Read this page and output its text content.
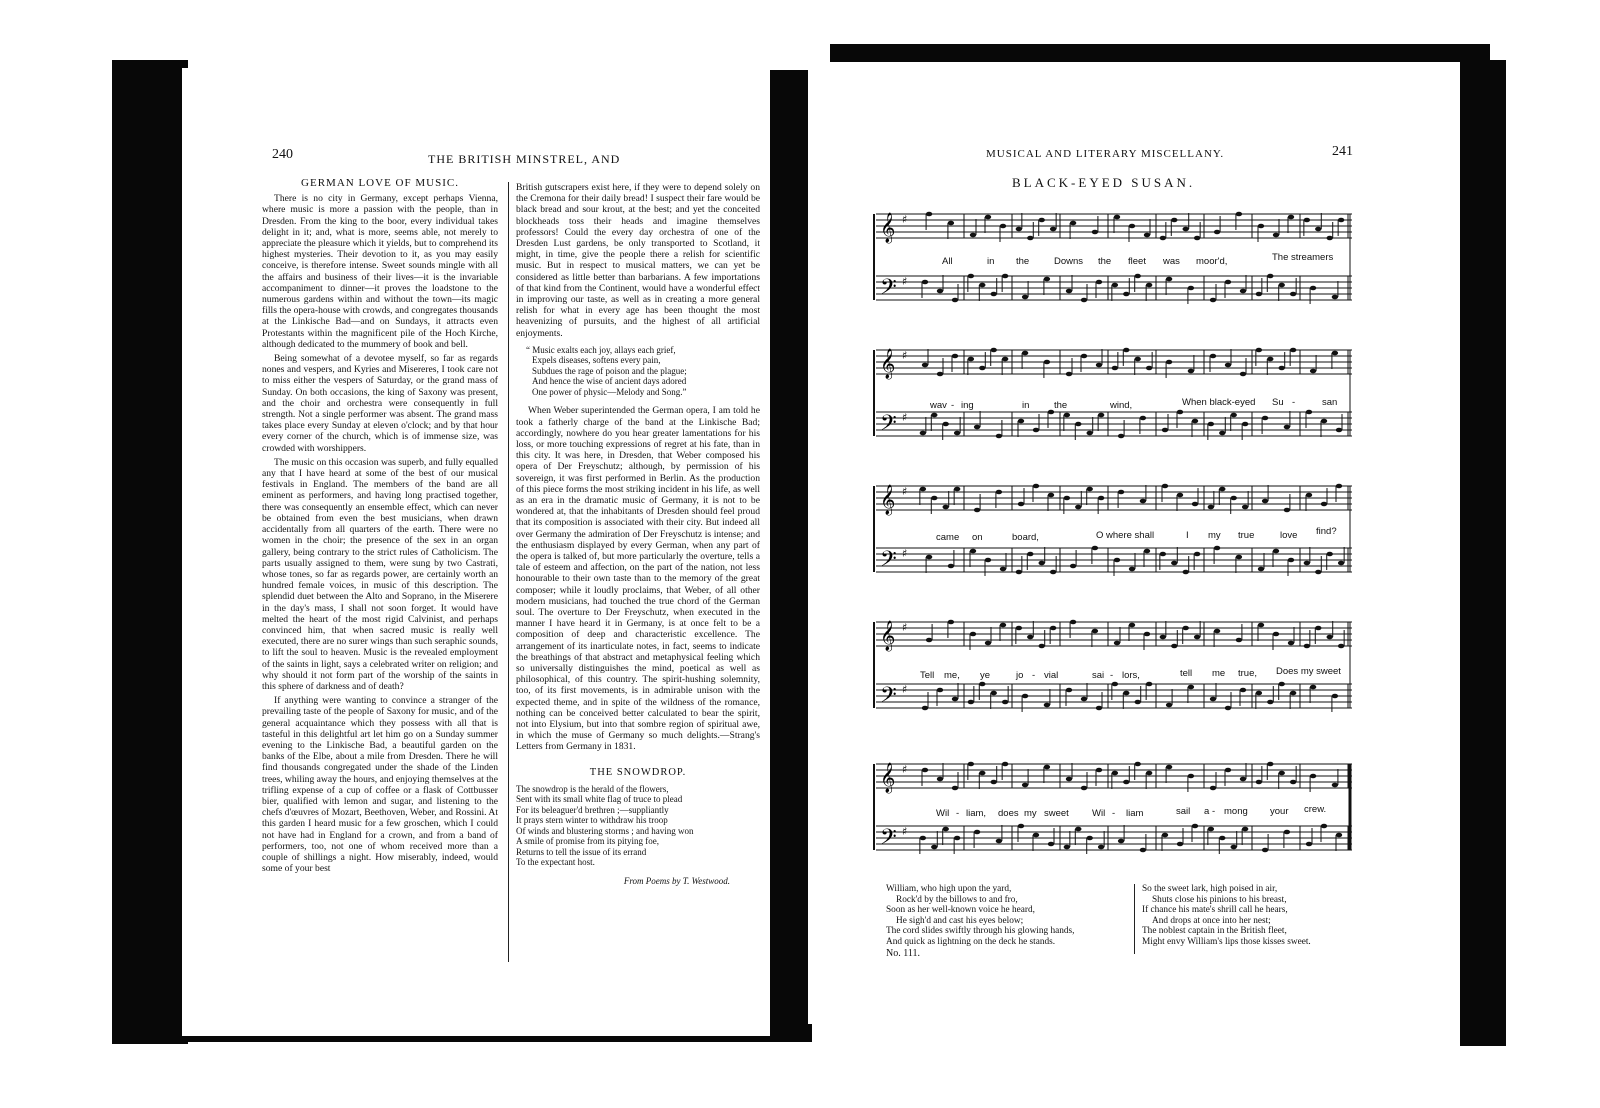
240	THE BRITISH MINSTREL, AND
GERMAN LOVE OF MUSIC.

There is no city in Germany, except perhaps Vienna, where music is more a passion with the people, than in Dresden. From the king to the boor, every individual takes delight in it; and, what is more, seems able, not merely to appreciate the pleasure which it yields, but to comprehend its highest mysteries. Their devotion to it, as you may easily conceive, is therefore intense. Sweet sounds mingle with all the affairs and business of their lives—it is the invariable accompaniment to dinner—it proves the loadstone to the numerous gardens within and without the town—its magic fills the opera-house with crowds, and congregates thousands at the Linkische Bad—and on Sundays, it attracts even Protestants within the magnificent pile of the Hoch Kirche, although dedicated to the mummery of book and bell.

Being somewhat of a devotee myself, so far as regards nones and vespers, and Kyries and Misereres, I took care not to miss either the vespers of Saturday, or the grand mass of Sunday. On both occasions, the king of Saxony was present, and the choir and orchestra were consequently in full strength. Not a single performer was absent. The grand mass takes place every Sunday at eleven o'clock; and by that hour every corner of the church, which is of immense size, was crowded with worshippers.

The music on this occasion was superb, and fully equalled any that I have heard at some of the best of our musical festivals in England. The members of the band are all eminent as performers, and having long practised together, there was consequently an ensemble effect, which can never be obtained from even the best musicians, when drawn accidentally from all quarters of the earth. There were no women in the choir; the presence of the sex in an organ gallery, being contrary to the strict rules of Catholicism. The parts usually assigned to them, were sung by two Castrati, whose tones, so far as regards power, are certainly worth an hundred female voices, in music of this description. The splendid duet between the Alto and Soprano, in the Miserere in the day's mass, I shall not soon forget. It would have melted the heart of the most rigid Calvinist, and perhaps convinced him, that when sacred music is really well executed, there are no surer wings than such seraphic sounds, to lift the soul to heaven. Music is the revealed employment of the saints in light, says a celebrated writer on religion; and why should it not form part of the worship of the saints in this sphere of darkness and of death?

If anything were wanting to convince a stranger of the prevailing taste of the people of Saxony for music, and of the general acquaintance which they possess with all that is tasteful in this delightful art let him go on a Sunday summer evening to the Linkische Bad, a beautiful garden on the banks of the Elbe, about a mile from Dresden. There he will find thousands congregated under the shade of the Linden trees, whiling away the hours, and enjoying themselves at the trifling expense of a cup of coffee or a flask of Cottbusser bier, qualified with lemon and sugar, and listening to the chefs d'œuvres of Mozart, Beethoven, Weber, and Rossini. At this garden I heard music for a few groschen, which I could not have had in England for a crown, and from a band of performers, too, not one of whom received more than a couple of shillings a night. How miserably, indeed, would some of your best

British gutscrapers exist here, if they were to depend solely on the Cremona for their daily bread! I suspect their fare would be black bread and sour krout, at the best; and yet the conceited blockheads toss their heads and imagine themselves professors! Could the every day orchestra of one of the Dresden Lust gardens, be only transported to Scotland, it might, in time, give the people there a relish for scientific music. But in respect to musical matters, we can yet be considered as little better than barbarians. A few importations of that kind from the Continent, would have a wonderful effect in improving our taste, as well as in creating a more general relish for what in every age has been thought the most heavenizing of pursuits, and the highest of all artificial enjoyments.

“ Music exalts each joy, allays each grief,
Expels diseases, softens every pain,
Subdues the rage of poison and the plague;
And hence the wise of ancient days adored
One power of physic—Melody and Song.”

When Weber superintended the German opera, I am told he took a fatherly charge of the band at the Linkische Bad; accordingly, nowhere do you hear greater lamentations for his loss, or more touching expressions of regret at his fate, than in this city. It was here, in Dresden, that Weber composed his opera of Der Freyschutz; although, by permission of his sovereign, it was first performed in Berlin. As the production of this piece forms the most striking incident in his life, as well as an era in the dramatic music of Germany, it is not to be wondered at, that the inhabitants of Dresden should feel proud that its composition is associated with their city. But indeed all over Germany the admiration of Der Freyschutz is intense; and the enthusiasm displayed by every German, when any part of the opera is talked of, but more particularly the overture, tells a tale of esteem and affection, on the part of the nation, not less honourable to their own taste than to the memory of the great composer; while it loudly proclaims, that Weber, of all other modern musicians, had touched the true chord of the German soul. The overture to Der Freyschutz, when executed in the manner I have heard it in Germany, is at once felt to be a composition of deep and characteristic excellence. The arrangement of its inarticulate notes, in fact, seems to indicate the breathings of that abstract and metaphysical feeling which so universally distinguishes the mind, poetical as well as philosophical, of this country. The spirit-hushing solemnity, too, of its first movements, is in admirable unison with the expected theme, and in spite of the wildness of the romance, nothing can be conceived better calculated to bear the spirit, not into Elysium, but into that sombre region of spiritual awe, in which the muse of Germany so much delights.—Strang's Letters from Germany in 1831.

THE SNOWDROP.
The snowdrop is the herald of the flowers,
Sent with its small white flag of truce to plead
For its beleaguer'd brethren ;—suppliantly
It prays stern winter to withdraw his troop
Of winds and blustering storms ; and having won
A smile of promise from its pitying foe,
Returns to tell the issue of its errand
To the expectant host.
From Poems by T. Westwood.
MUSICAL AND LITERARY MISCELLANY.	241
BLACK-EYED SUSAN.
𝄞 ♯
𝄢 ♯
All	in the	Downs the fleet was moor'd,	The streamers
𝄞 ♯
𝄢 ♯
wav - ing	in	the	wind,	When black-eyed Su -	san
𝄞 ♯
𝄢 ♯
came on	board,	O where shall	I my true	love find?
𝄞 ♯
𝄢 ♯
Tell me, ye	jo - vial	sai - lors,	tell me true, Does my sweet
𝄞 ♯
𝄢 ♯
Wil - liam, does my sweet Wil - liam	sail a - mong your crew.
William, who high upon the yard,
Rock'd by the billows to and fro,
Soon as her well-known voice he heard,
He sigh'd and cast his eyes below;
The cord slides swiftly through his glowing hands,
And quick as lightning on the deck he stands.
So the sweet lark, high poised in air,
Shuts close his pinions to his breast,
If chance his mate's shrill call he hears,
And drops at once into her nest;
The noblest captain in the British fleet,
Might envy William's lips those kisses sweet.
No. 111.
